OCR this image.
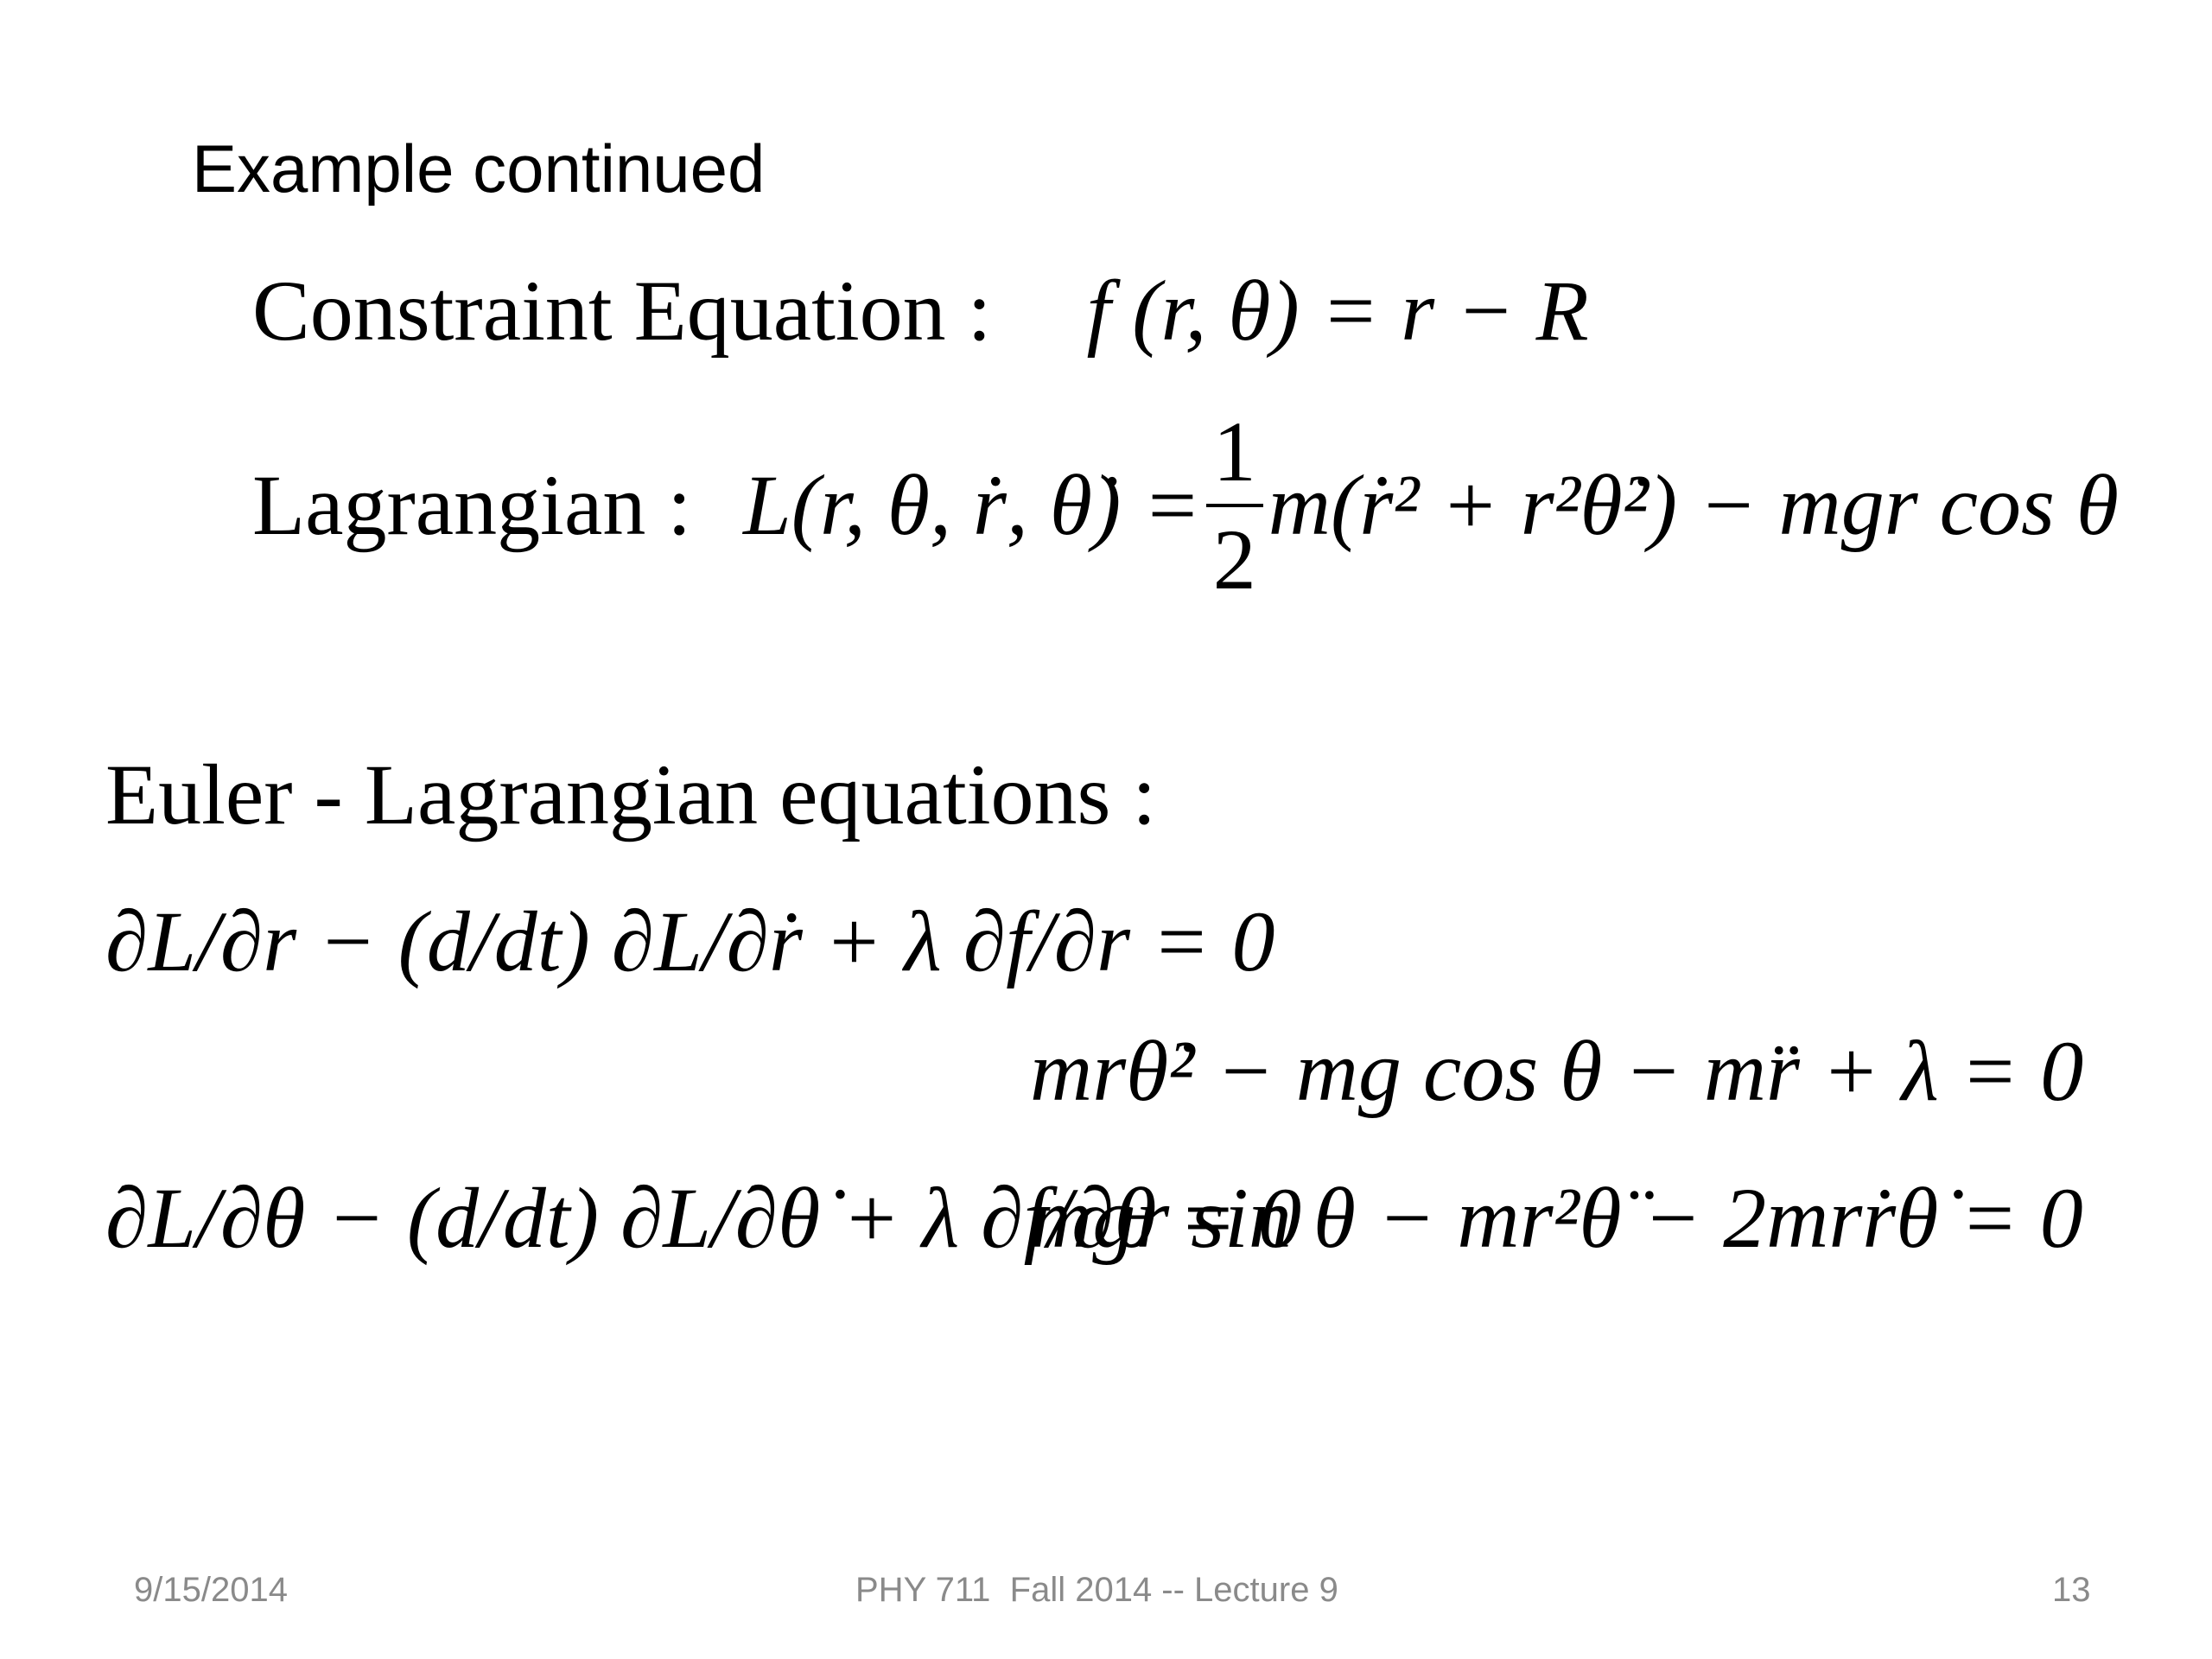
Example continued
Constraint Equation : f (r, θ) = r − R
Lagrangian : L(r, θ, ṙ, θ̇) = $\frac{1}{2}$ m(ṙ² + r²θ̇²) − mgr cos θ
Euler - Lagrangian equations :
∂L/∂r − (d/dt) ∂L/∂ṙ + λ ∂f/∂r = 0
∂L/∂θ − (d/dt) ∂L/∂θ̇ + λ ∂f/∂θ = 0
mrθ̇² − mg cos θ − mr̈ + λ = 0
mgr sin θ − mr²θ̈ − 2mrṙθ̇ = 0
9/15/2014	PHY 711  Fall 2014 -- Lecture 9	13
